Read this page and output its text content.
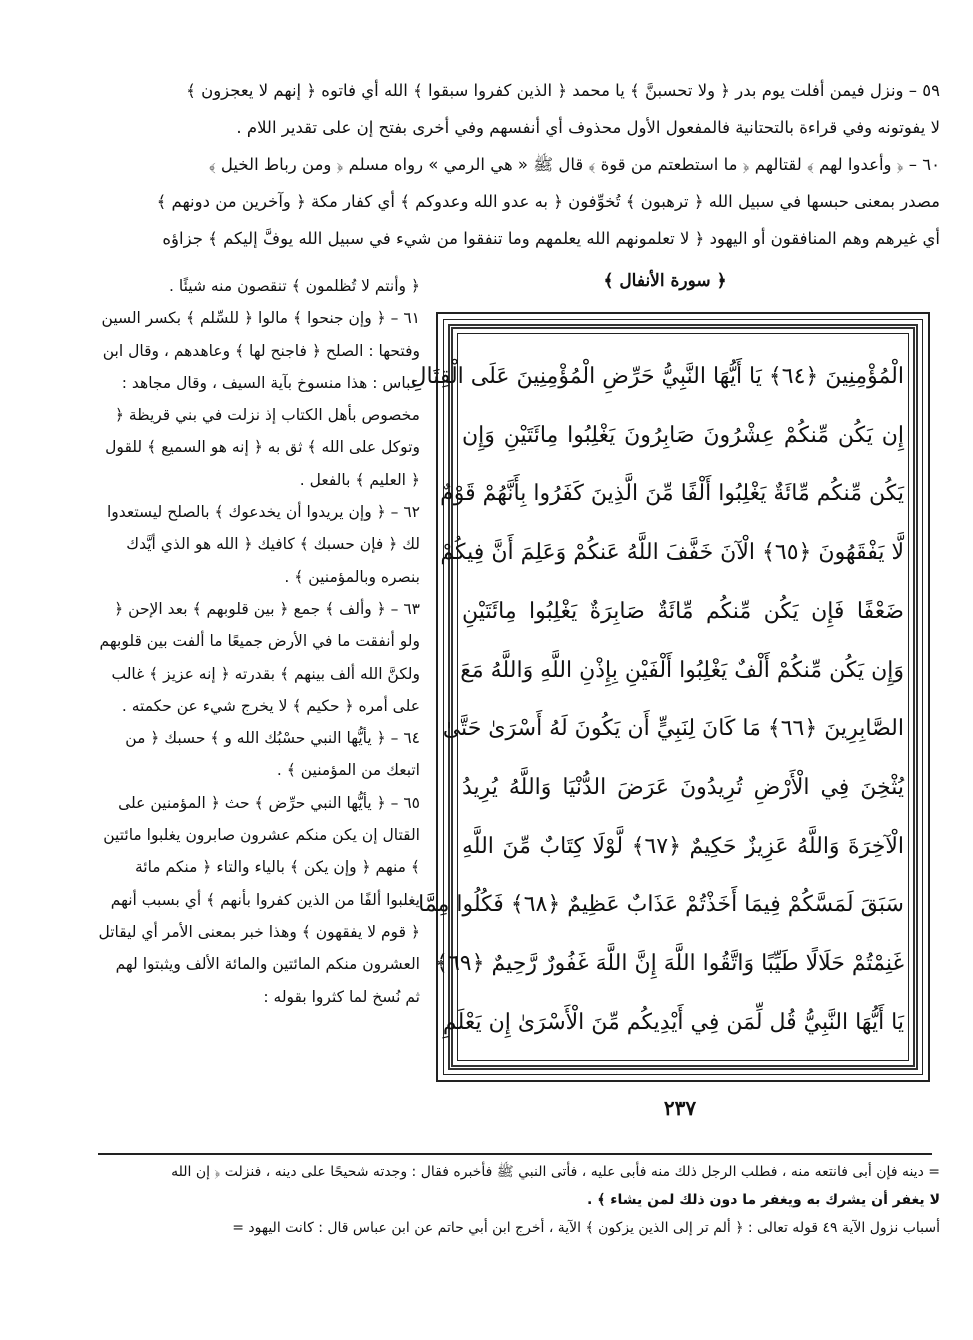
٥٩ – ونزل فيمن أفلت يوم بدر ﴿ ولا تحسبنَّ ﴾ يا محمد ﴿ الذين كفروا سبقوا ﴾ الله أي فاتوه ﴿ إنهم لا يعجزون ﴾

لا يفوتونه وفي قراءة بالتحتانية فالمفعول الأول محذوف أي أنفسهم وفي أخرى بفتح إن على تقدير اللام .

٦٠ – ﴿ وأعدوا لهم ﴾ لقتالهم ﴿ ما استطعتم من قوة ﴾ قال ﷺ « هي الرمي » رواه مسلم ﴿ ومن رباط الخيل ﴾

مصدر بمعنى حبسها في سبيل الله ﴿ ترهبون ﴾ تُخوِّفون ﴿ به عدو الله وعدوكم ﴾ أي كفار مكة ﴿ وآخرين من دونهم ﴾

أي غيرهم وهم المنافقون أو اليهود ﴿ لا تعلمونهم الله يعلمهم وما تنفقوا من شيء في سبيل الله يوفَّ إليكم ﴾ جزاؤه

﴿ سورة الأنفال ﴾
الْمُؤْمِنِينَ ﴿٦٤﴾ يَا أَيُّهَا النَّبِيُّ حَرِّضِ الْمُؤْمِنِينَ عَلَى الْقِتَالِ
إِن يَكُن مِّنكُمْ عِشْرُونَ صَابِرُونَ يَغْلِبُوا مِائَتَيْنِ وَإِن
يَكُن مِّنكُم مِّائَةٌ يَغْلِبُوا أَلْفًا مِّنَ الَّذِينَ كَفَرُوا بِأَنَّهُمْ قَوْمٌ
لَّا يَفْقَهُونَ ﴿٦٥﴾ الْآنَ خَفَّفَ اللَّهُ عَنكُمْ وَعَلِمَ أَنَّ فِيكُمْ
ضَعْفًا فَإِن يَكُن مِّنكُم مِّائَةٌ صَابِرَةٌ يَغْلِبُوا مِائَتَيْنِ
وَإِن يَكُن مِّنكُمْ أَلْفٌ يَغْلِبُوا أَلْفَيْنِ بِإِذْنِ اللَّهِ وَاللَّهُ مَعَ
الصَّابِرِينَ ﴿٦٦﴾ مَا كَانَ لِنَبِيٍّ أَن يَكُونَ لَهُ أَسْرَىٰ حَتَّىٰ
يُثْخِنَ فِي الْأَرْضِ تُرِيدُونَ عَرَضَ الدُّنْيَا وَاللَّهُ يُرِيدُ
الْآخِرَةَ وَاللَّهُ عَزِيزٌ حَكِيمٌ ﴿٦٧﴾ لَّوْلَا كِتَابٌ مِّنَ اللَّهِ
سَبَقَ لَمَسَّكُمْ فِيمَا أَخَذْتُمْ عَذَابٌ عَظِيمٌ ﴿٦٨﴾ فَكُلُوا مِمَّا
غَنِمْتُمْ حَلَالًا طَيِّبًا وَاتَّقُوا اللَّهَ إِنَّ اللَّهَ غَفُورٌ رَّحِيمٌ ﴿٦٩﴾
يَا أَيُّهَا النَّبِيُّ قُل لِّمَن فِي أَيْدِيكُم مِّنَ الْأَسْرَىٰ إِن يَعْلَمِ

﴿ وأنتم لا تُظلمون ﴾ تنقصون منه شيئًا .

٦١ – ﴿ وإن جنحوا ﴾ مالوا ﴿ للسِّلم ﴾ بكسر السين وفتحها : الصلح ﴿ فاجنح لها ﴾ وعاهدهم ، وقال ابن عباس : هذا منسوخ بآية السيف ، وقال مجاهد : مخصوص بأهل الكتاب إذ نزلت في بني قريظة ﴿ وتوكل على الله ﴾ ثق به ﴿ إنه هو السميع ﴾ للقول ﴿ العليم ﴾ بالفعل .

٦٢ – ﴿ وإن يريدوا أن يخدعوك ﴾ بالصلح ليستعدوا لك ﴿ فإن حسبك ﴾ كافيك ﴿ الله هو الذي أيَّدك بنصره وبالمؤمنين ﴾ .

٦٣ – ﴿ وألف ﴾ جمع ﴿ بين قلوبهم ﴾ بعد الإحن ﴿ ولو أنفقت ما في الأرض جميعًا ما ألفت بين قلوبهم ولكنَّ الله ألف بينهم ﴾ بقدرته ﴿ إنه عزيز ﴾ غالب على أمره ﴿ حكيم ﴾ لا يخرج شيء عن حكمته .

٦٤ – ﴿ يأيُّها النبي حسْبُك الله و ﴾ حسبك ﴿ من اتبعك من المؤمنين ﴾ .

٦٥ – ﴿ يأيُّها النبي حرِّض ﴾ حث ﴿ المؤمنين على القتال إن يكن منكم عشرون صابرون يغلبوا مائتين ﴾ منهم ﴿ وإن يكن ﴾ بالياء والتاء ﴿ منكم مائة يغلبوا ألفًا من الذين كفروا بأنهم ﴾ أي بسبب أنهم ﴿ قوم لا يفقهون ﴾ وهذا خبر بمعنى الأمر أي ليقاتل العشرون منكم المائتين والمائة الألف ويثبتوا لهم ثم نُسخ لما كثروا بقوله :

٢٣٧

= دينه فإن أبى فانتعه منه ، فطلب الرجل ذلك منه فأبى عليه ، فأتى النبي ﷺ فأخبره فقال : وجدته شحيحًا على دينه ، فنزلت ﴿ إن الله

لا يغفر أن يشرك به ويغفر ما دون ذلك لمن يشاء ﴾ .

أسباب نزول الآية ٤٩ قوله تعالى : ﴿ ألم تر إلى الذين يزكون ﴾ الآية ، أخرج ابن أبي حاتم عن ابن عباس قال : كانت اليهود =
